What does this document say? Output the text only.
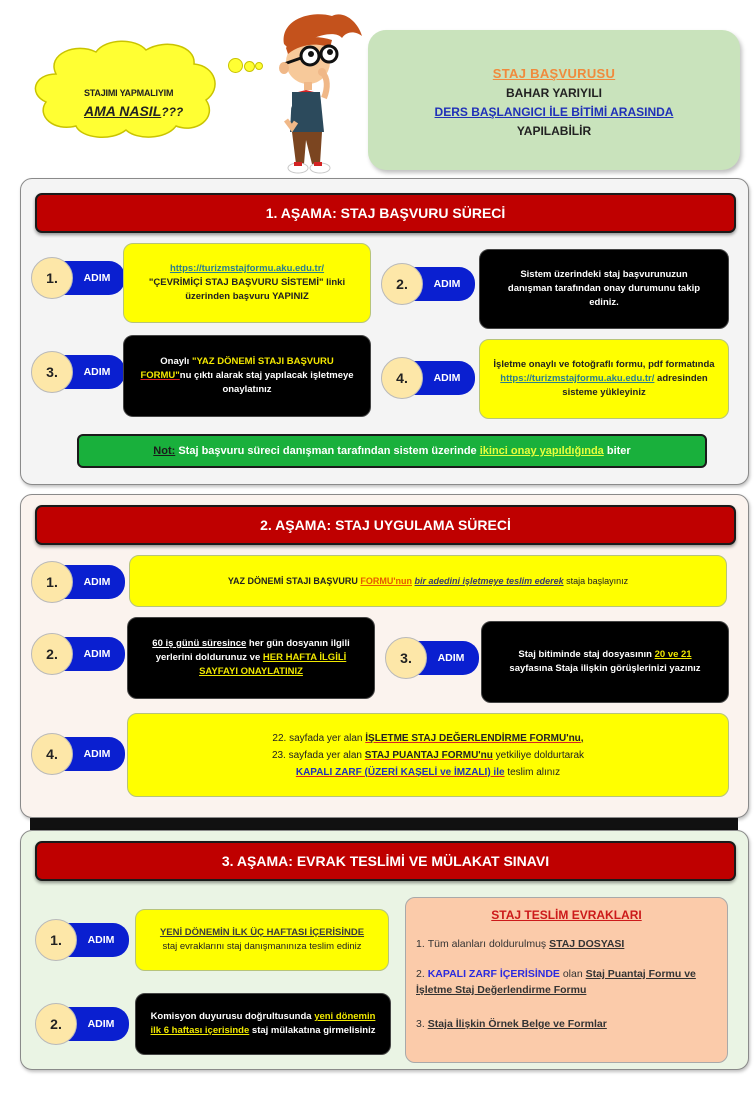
STAJIMI YAPMALIYIM
AMA NASIL???
STAJ BAŞVURUSU
BAHAR YARIYILI
DERS BAŞLANGICI İLE BİTİMİ ARASINDA
YAPILABİLİR
1. AŞAMA: STAJ BAŞVURU SÜRECİ
1.	ADIM
https://turizmstajformu.aku.edu.tr/
"ÇEVRİMİÇİ STAJ BAŞVURU SİSTEMİ" linki
üzerinden başvuru YAPINIZ
2.	ADIM
Sistem üzerindeki staj başvurunuzun danışman tarafından onay durumunu takip ediniz.
3.	ADIM
Onaylı "YAZ DÖNEMİ STAJI BAŞVURU FORMU"nu çıktı alarak staj yapılacak işletmeye onaylatınız
4.	ADIM
İşletme onaylı ve fotoğraflı formu, pdf formatında https://turizmstajformu.aku.edu.tr/ adresinden sisteme yükleyiniz
Not: Staj başvuru süreci danışman tarafından sistem üzerinde ikinci onay yapıldığında biter
2. AŞAMA: STAJ UYGULAMA SÜRECİ
1.	ADIM	YAZ DÖNEMİ STAJI BAŞVURU FORMU'nun bir adedini işletmeye teslim ederek staja başlayınız
2.	ADIM
60 iş günü süresince her gün dosyanın ilgili yerlerini doldurunuz ve HER HAFTA İLGİLİ SAYFAYI ONAYLATINIZ
3.	ADIM	Staj bitiminde staj dosyasının 20 ve 21 sayfasına Staja ilişkin görüşlerinizi yazınız
4.	ADIM
22. sayfada yer alan İŞLETME STAJ DEĞERLENDİRME FORMU'nu,
23. sayfada yer alan STAJ PUANTAJ FORMU'nu yetkiliye doldurtarak
KAPALI ZARF (ÜZERİ KAŞELİ ve İMZALI) ile teslim alınız
3. AŞAMA: EVRAK TESLİMİ VE MÜLAKAT SINAVI
1.	ADIM
YENİ DÖNEMİN İLK ÜÇ HAFTASI İÇERİSİNDE
staj evraklarını staj danışmanınıza teslim ediniz
2.	ADIM
Komisyon duyurusu doğrultusunda yeni dönemin ilk 6 haftası içerisinde staj mülakatına girmelisiniz
STAJ TESLİM EVRAKLARI
1. Tüm alanları doldurulmuş STAJ DOSYASI
2. KAPALI ZARF İÇERİSİNDE olan Staj Puantaj Formu ve İşletme Staj Değerlendirme Formu
3. Staja İlişkin Örnek Belge ve Formlar
